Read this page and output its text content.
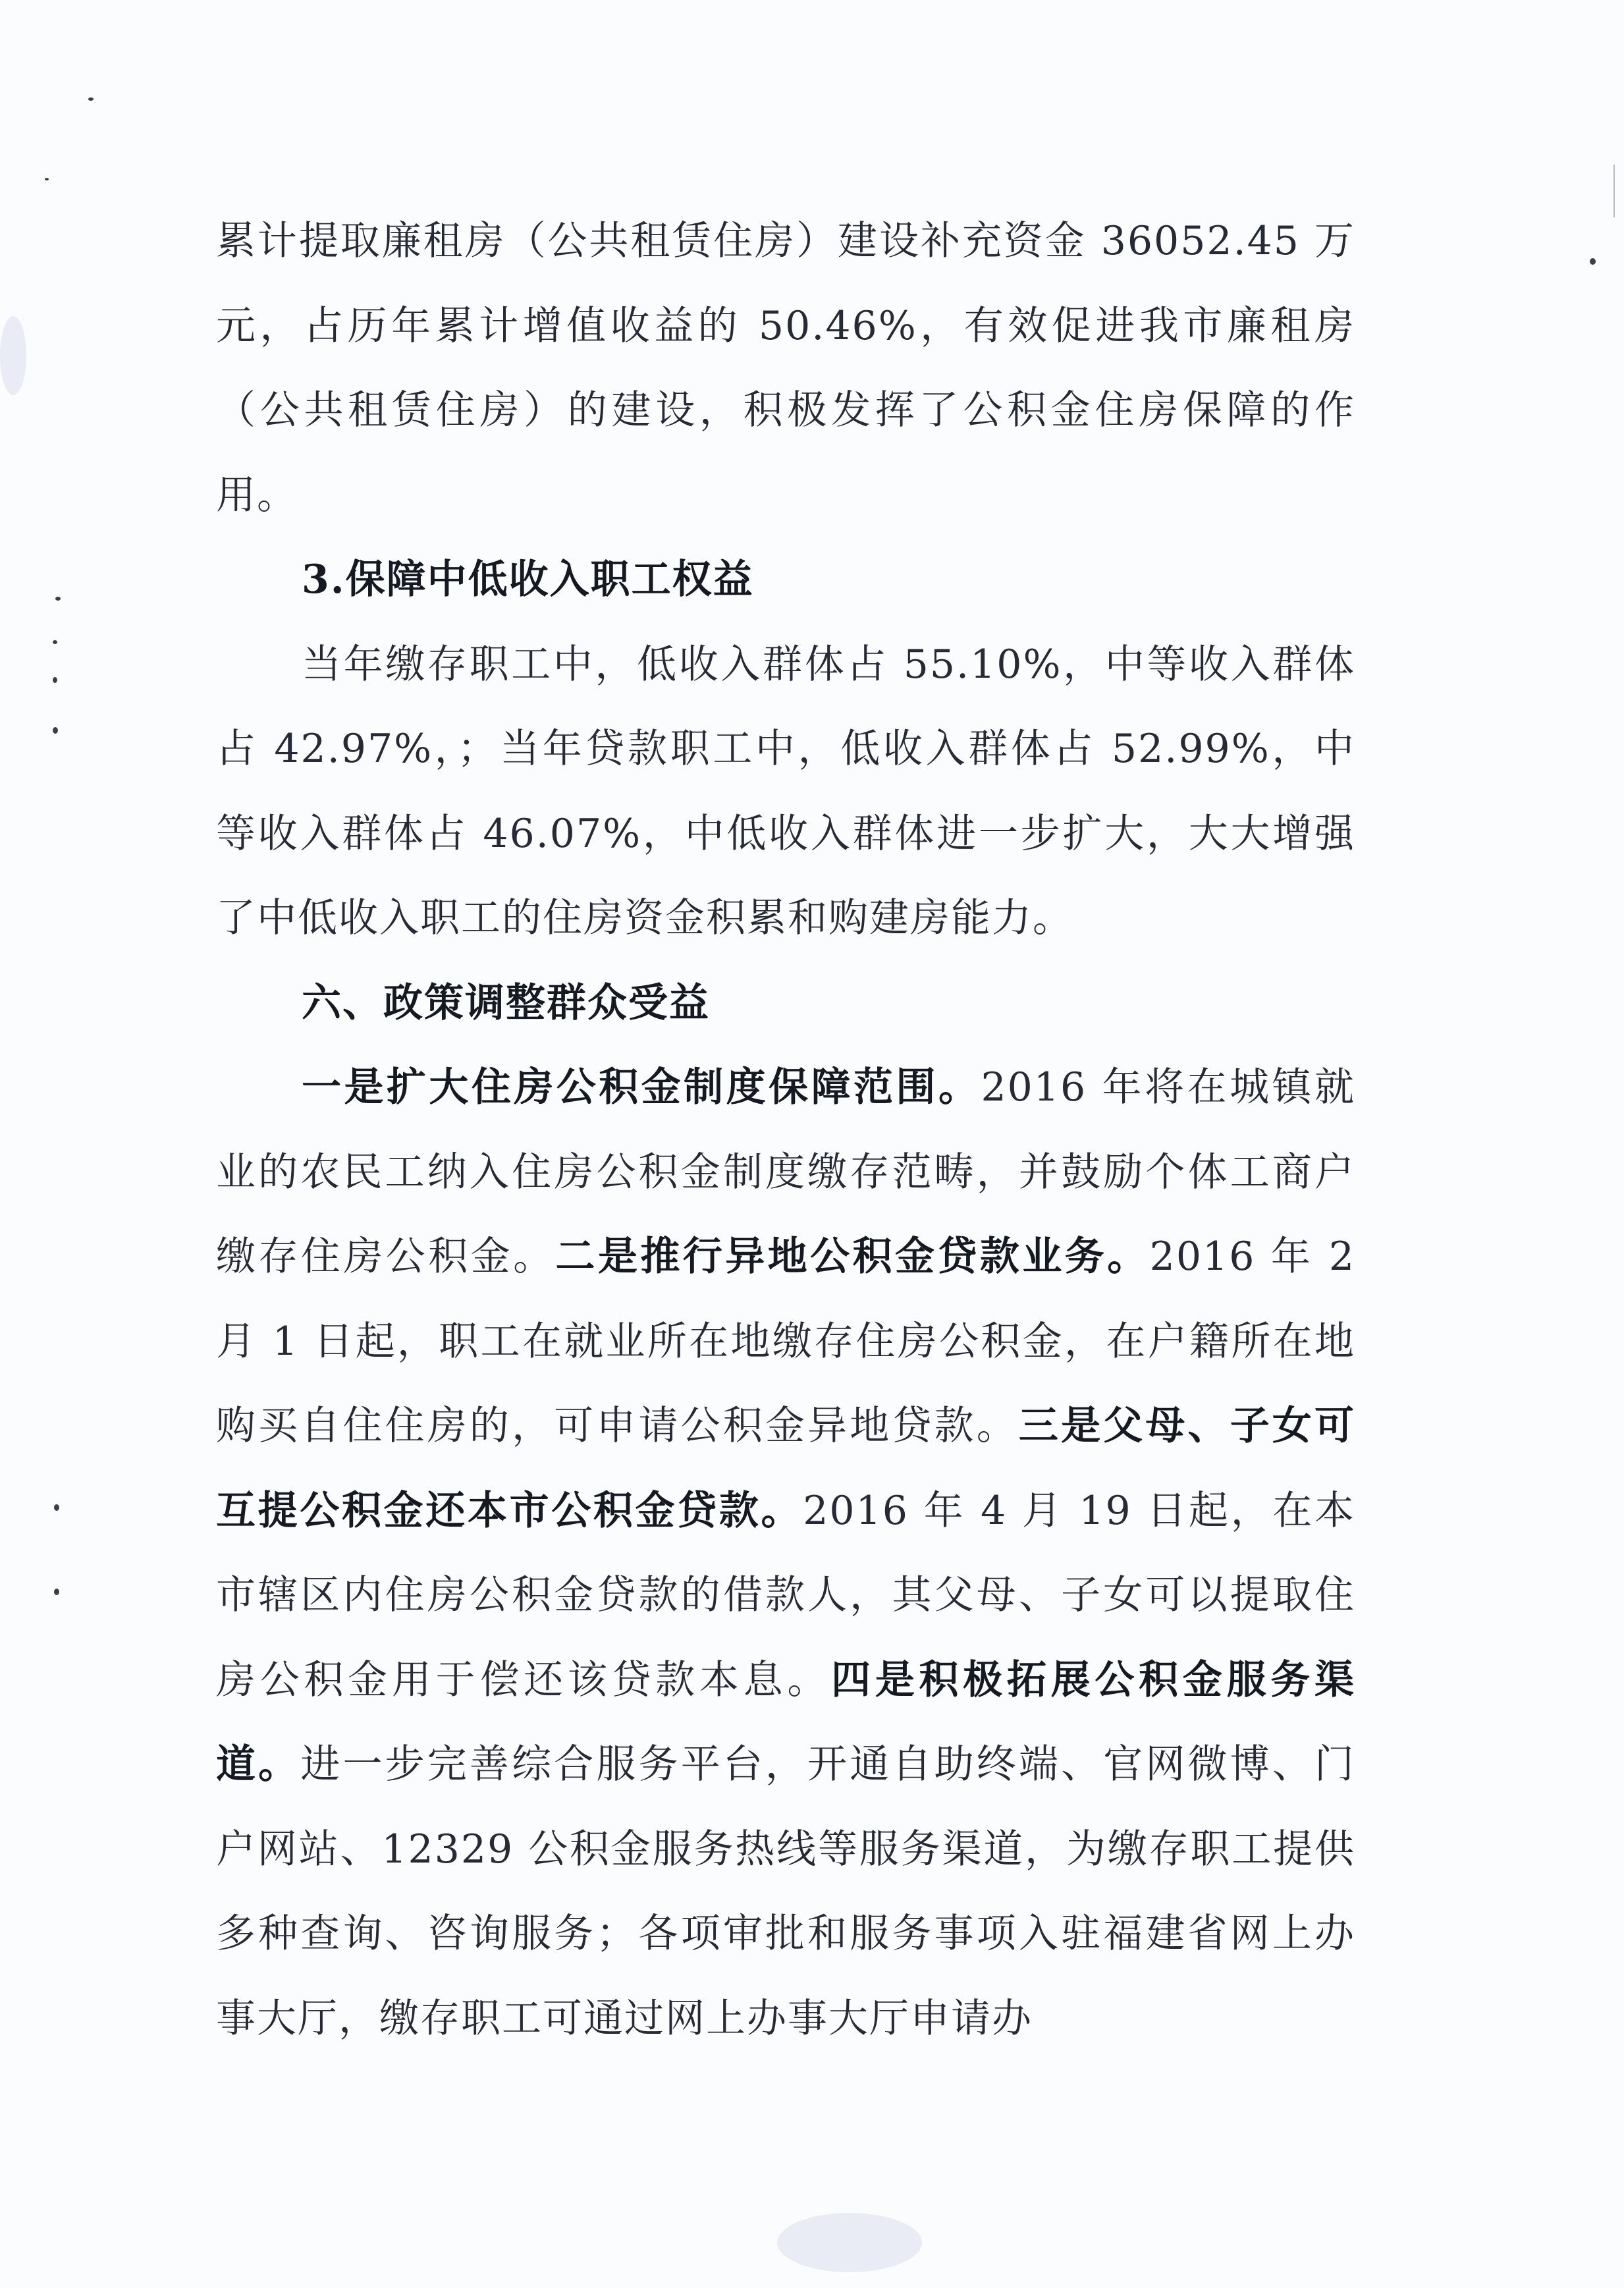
累计提取廉租房（公共租赁住房）建设补充资金 36052.45 万元，占历年累计增值收益的 50.46%，有效促进我市廉租房（公共租赁住房）的建设，积极发挥了公积金住房保障的作用。

3.保障中低收入职工权益

当年缴存职工中，低收入群体占 55.10%，中等收入群体占 42.97%，；当年贷款职工中，低收入群体占 52.99%，中等收入群体占 46.07%，中低收入群体进一步扩大，大大增强了中低收入职工的住房资金积累和购建房能力。

六、政策调整群众受益

一是扩大住房公积金制度保障范围。2016 年将在城镇就业的农民工纳入住房公积金制度缴存范畴，并鼓励个体工商户缴存住房公积金。二是推行异地公积金贷款业务。2016 年 2 月 1 日起，职工在就业所在地缴存住房公积金，在户籍所在地购买自住住房的，可申请公积金异地贷款。三是父母、子女可互提公积金还本市公积金贷款。2016 年 4 月 19 日起，在本市辖区内住房公积金贷款的借款人，其父母、子女可以提取住房公积金用于偿还该贷款本息。四是积极拓展公积金服务渠道。进一步完善综合服务平台，开通自助终端、官网微博、门户网站、12329 公积金服务热线等服务渠道，为缴存职工提供多种查询、咨询服务；各项审批和服务事项入驻福建省网上办事大厅，缴存职工可通过网上办事大厅申请办
